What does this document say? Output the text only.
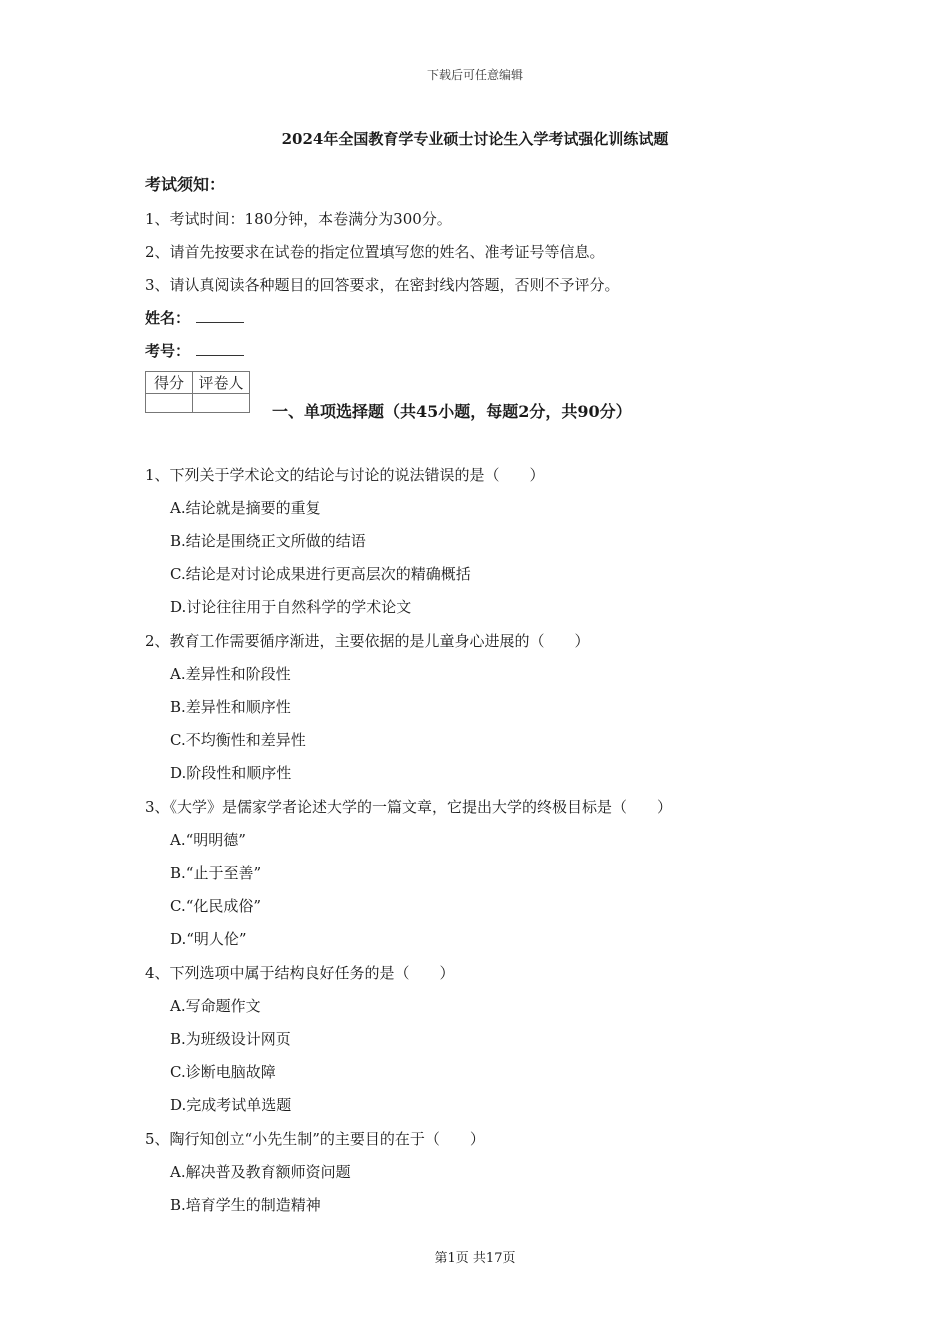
下载后可任意编辑
2024年全国教育学专业硕士讨论生入学考试强化训练试题
考试须知：
1、考试时间：180分钟，本卷满分为300分。
2、请首先按要求在试卷的指定位置填写您的姓名、准考证号等信息。
3、请认真阅读各种题目的回答要求，在密封线内答题，否则不予评分。
姓名：
考号：
得分	评卷人

一、单项选择题（共45小题，每题2分，共90分）
1、下列关于学术论文的结论与讨论的说法错误的是（　　）
A.结论就是摘要的重复
B.结论是围绕正文所做的结语
C.结论是对讨论成果进行更高层次的精确概括
D.讨论往往用于自然科学的学术论文
2、教育工作需要循序渐进，主要依据的是儿童身心进展的（　　）
A.差异性和阶段性
B.差异性和顺序性
C.不均衡性和差异性
D.阶段性和顺序性
3、《大学》是儒家学者论述大学的一篇文章，它提出大学的终极目标是（　　）
A.“明明德”
B.“止于至善”
C.“化民成俗”
D.“明人伦”
4、下列选项中属于结构良好任务的是（　　）
A.写命题作文
B.为班级设计网页
C.诊断电脑故障
D.完成考试单选题
5、陶行知创立“小先生制”的主要目的在于（　　）
A.解决普及教育额师资问题
B.培育学生的制造精神
第1页 共17页
